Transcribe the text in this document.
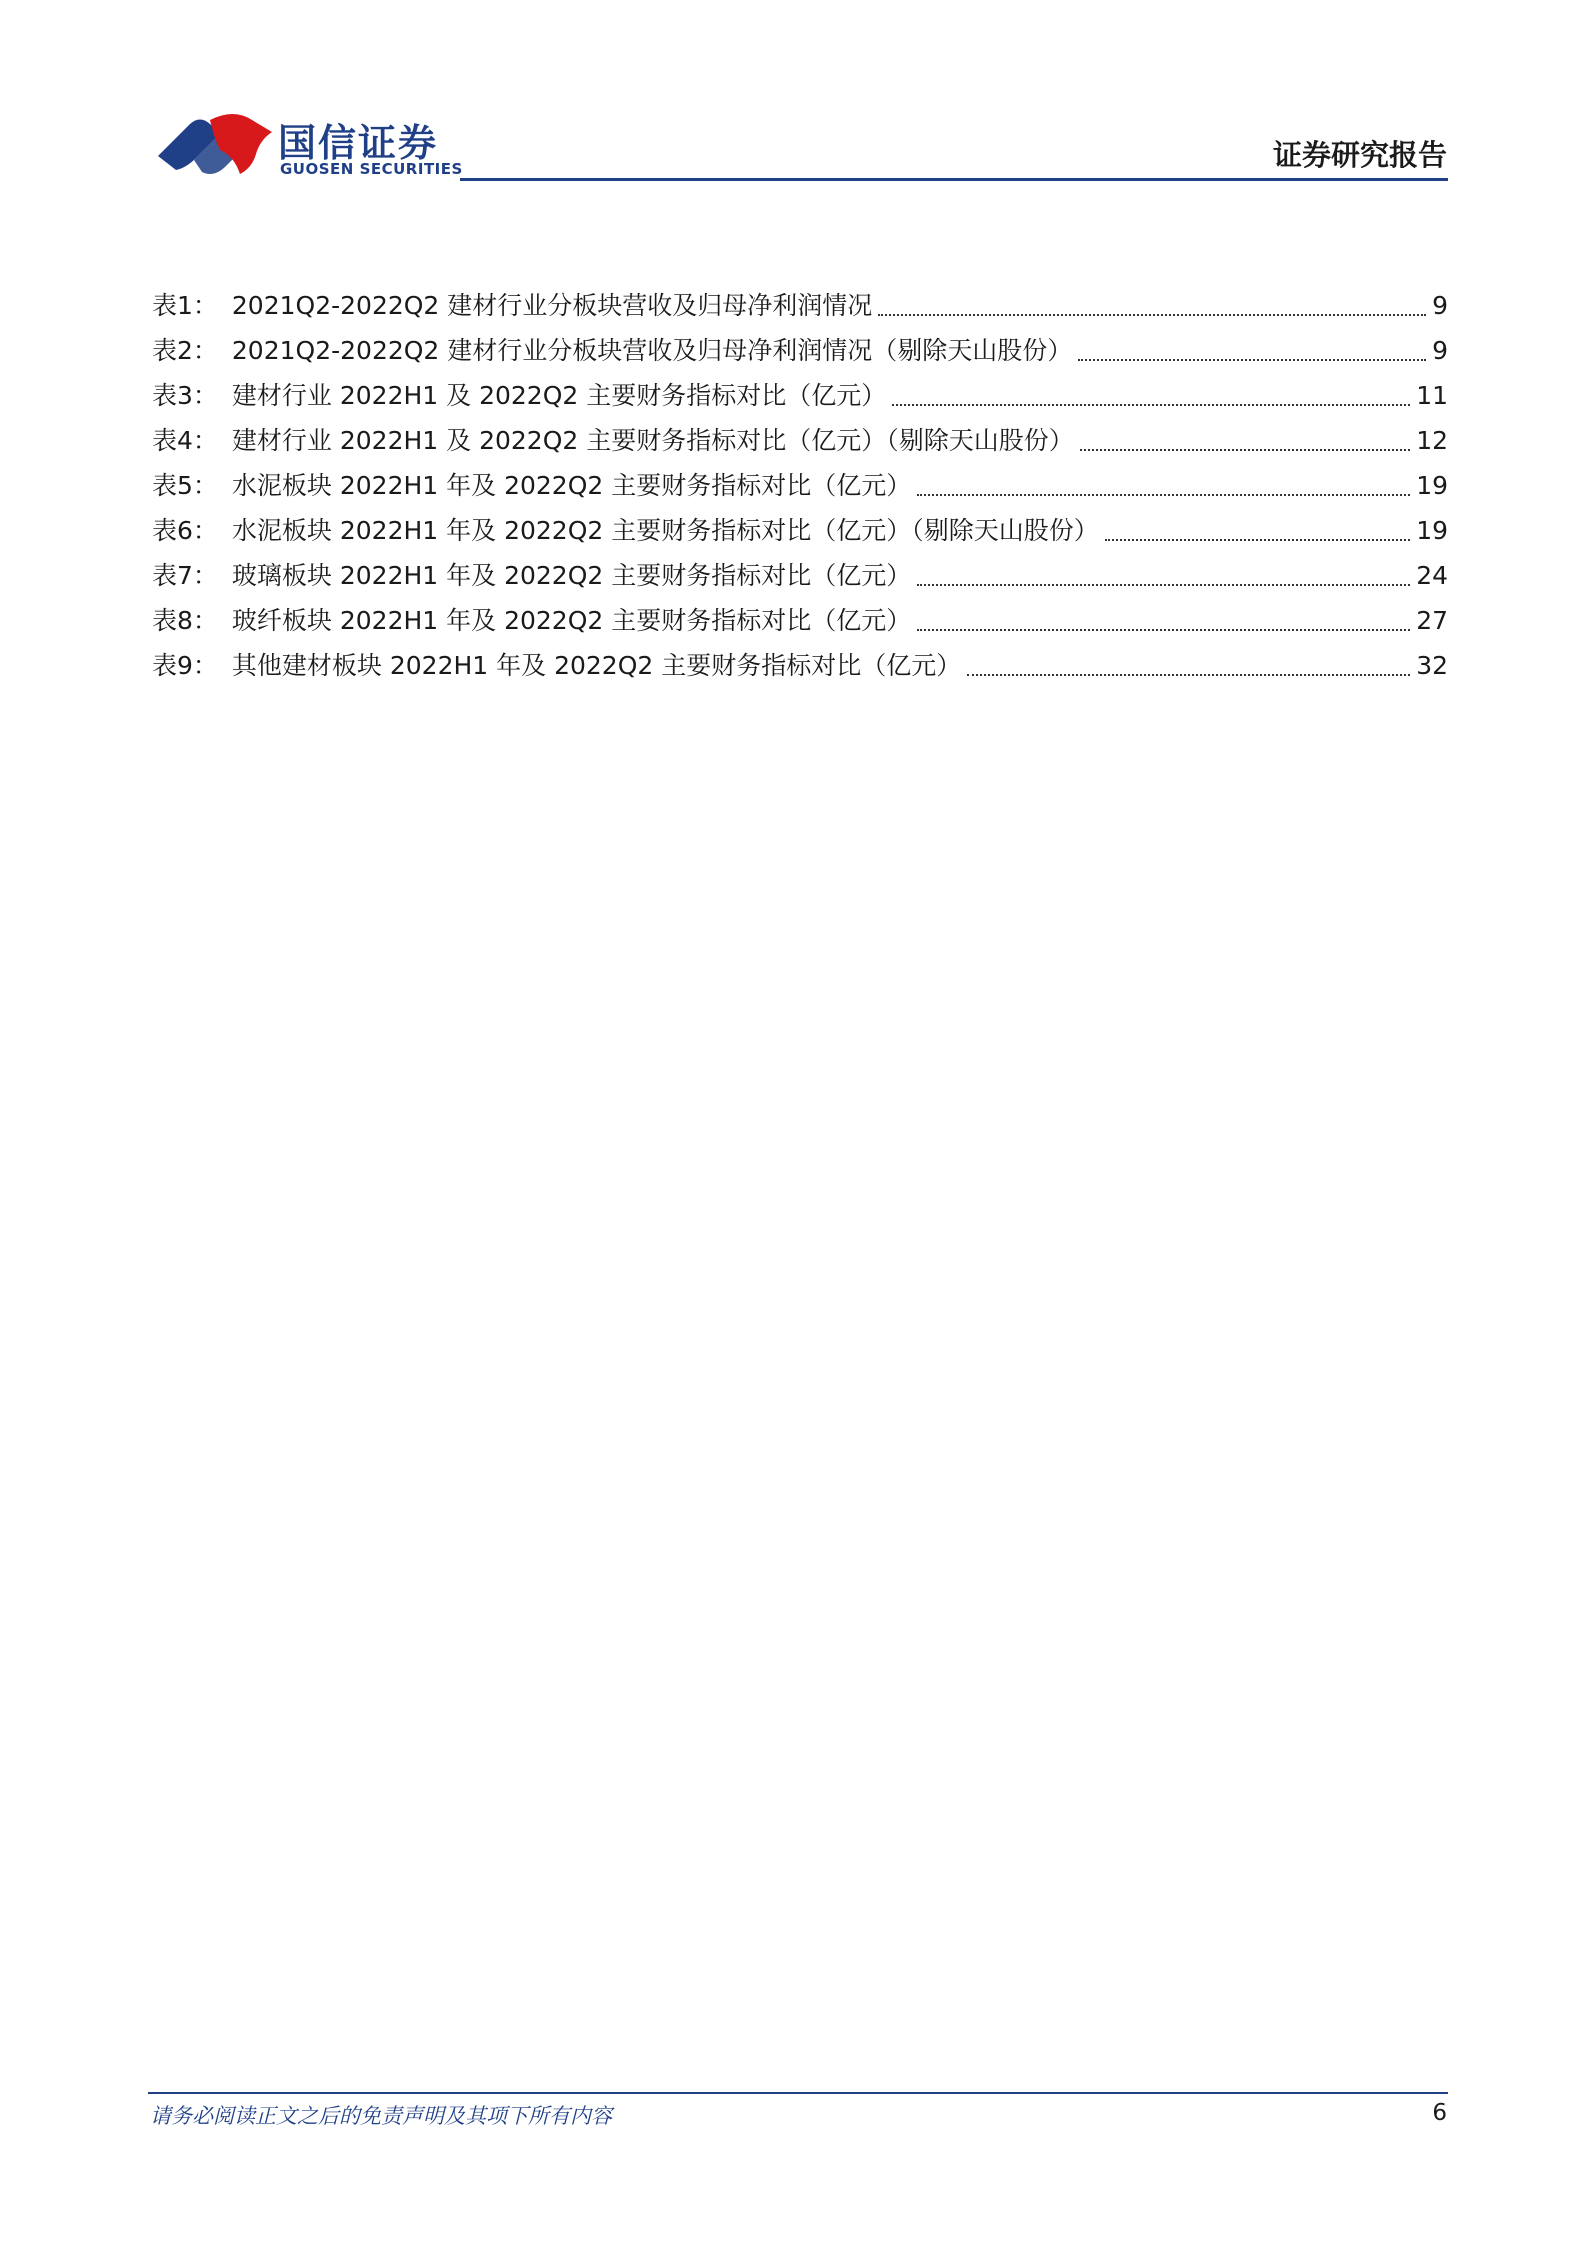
国信证券
GUOSEN SECURITIES	证券研究报告
表1： 2021Q2-2022Q2 建材行业分板块营收及归母净利润情况	9
表2： 2021Q2-2022Q2 建材行业分板块营收及归母净利润情况（剔除天山股份）	9
表3： 建材行业 2022H1 及 2022Q2 主要财务指标对比（亿元）	11
表4： 建材行业 2022H1 及 2022Q2 主要财务指标对比（亿元）（剔除天山股份）	12
表5： 水泥板块 2022H1 年及 2022Q2 主要财务指标对比（亿元）	19
表6： 水泥板块 2022H1 年及 2022Q2 主要财务指标对比（亿元）（剔除天山股份）	19
表7： 玻璃板块 2022H1 年及 2022Q2 主要财务指标对比（亿元）	24
表8： 玻纤板块 2022H1 年及 2022Q2 主要财务指标对比（亿元）	27
表9： 其他建材板块 2022H1 年及 2022Q2 主要财务指标对比（亿元）	32
请务必阅读正文之后的免责声明及其项下所有内容	6
